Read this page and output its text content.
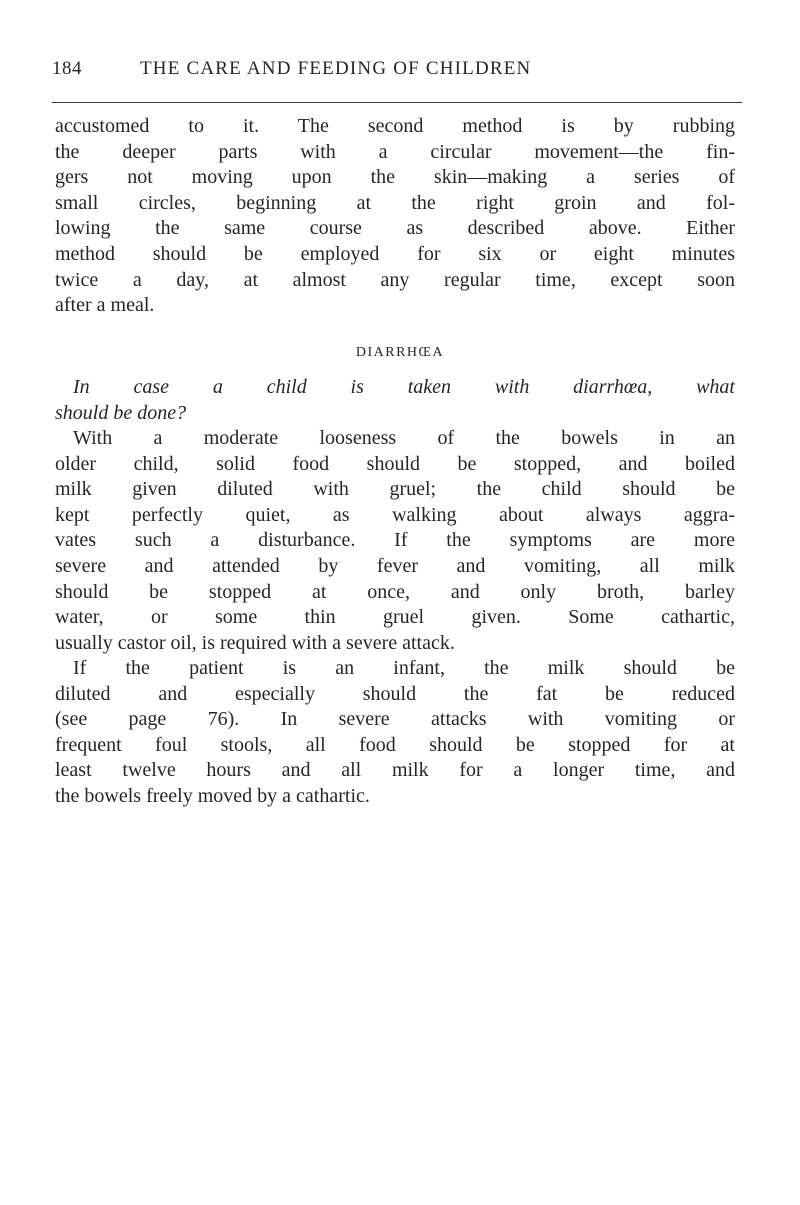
184	THE CARE AND FEEDING OF CHILDREN
accustomed to it. The second method is by rubbing
the deeper parts with a circular movement—the fin-
gers not moving upon the skin—making a series of
small circles, beginning at the right groin and fol-
lowing the same course as described above. Either
method should be employed for six or eight minutes
twice a day, at almost any regular time, except soon
after a meal.
DIARRHŒA
In case a child is taken with diarrhœa, what
should be done?
With a moderate looseness of the bowels in an
older child, solid food should be stopped, and boiled
milk given diluted with gruel; the child should be
kept perfectly quiet, as walking about always aggra-
vates such a disturbance. If the symptoms are more
severe and attended by fever and vomiting, all milk
should be stopped at once, and only broth, barley
water, or some thin gruel given. Some cathartic,
usually castor oil, is required with a severe attack.
If the patient is an infant, the milk should be
diluted and especially should the fat be reduced
(see page 76). In severe attacks with vomiting or
frequent foul stools, all food should be stopped for at
least twelve hours and all milk for a longer time, and
the bowels freely moved by a cathartic.
